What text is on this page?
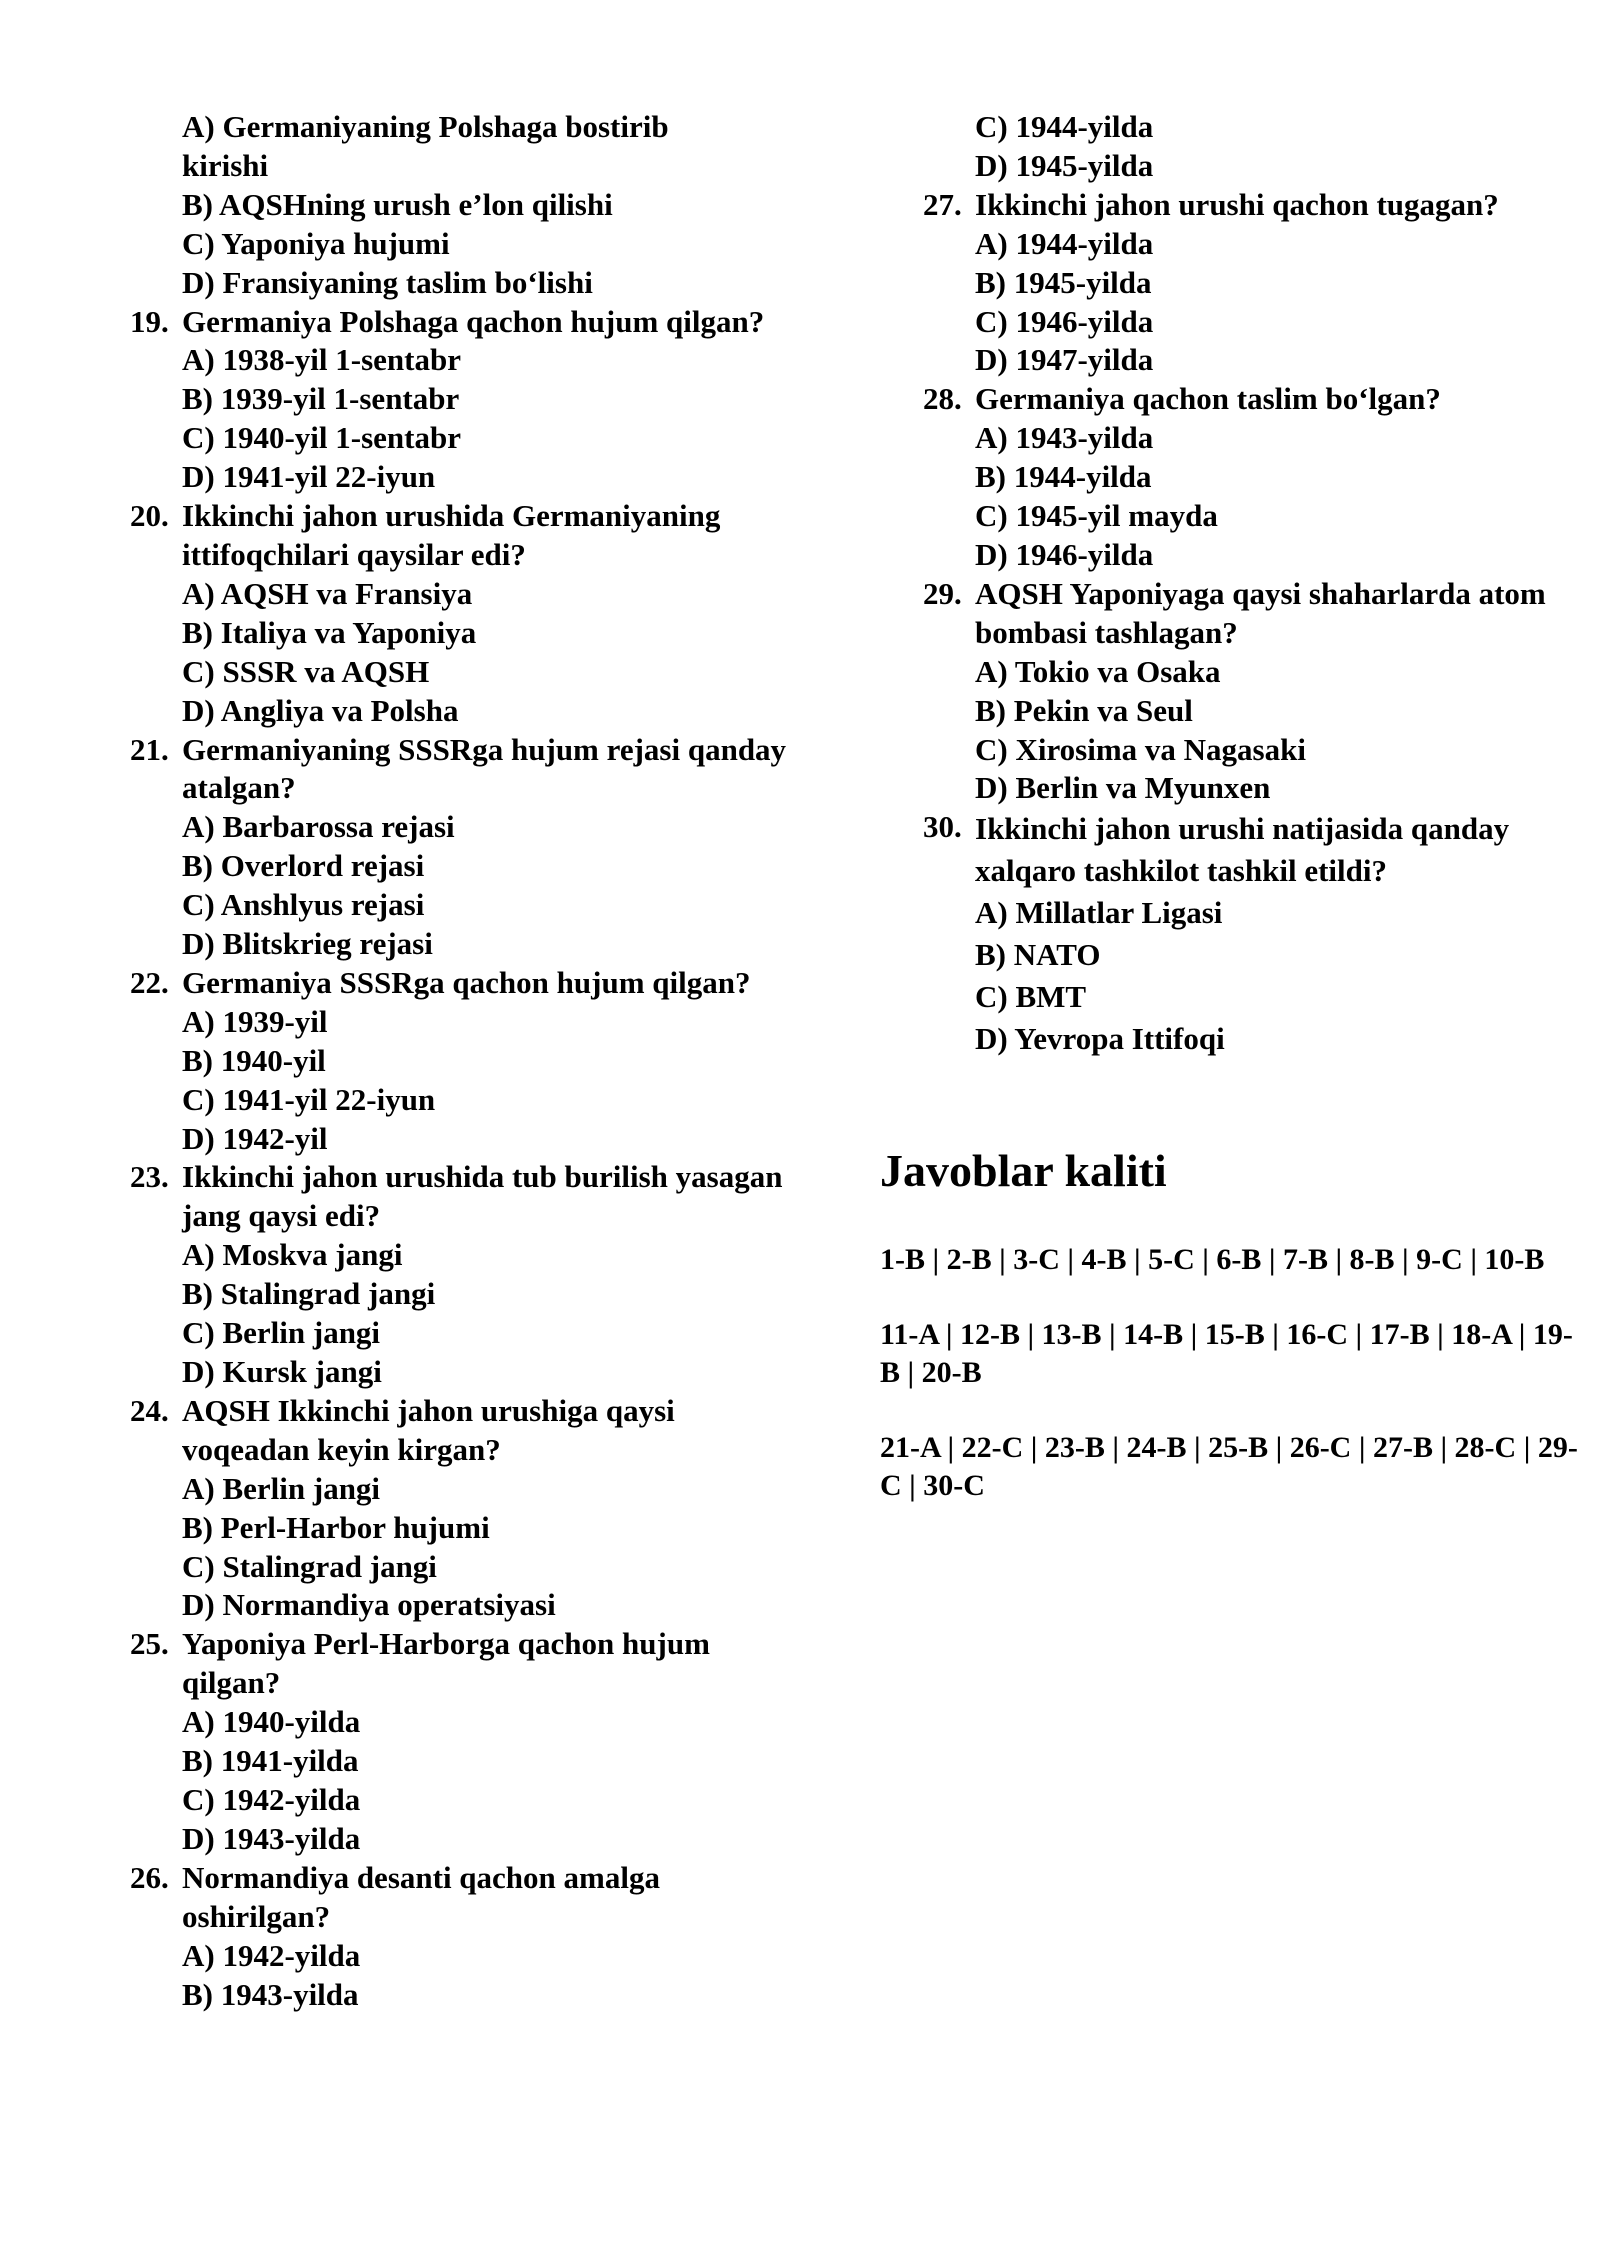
A) Germaniyaning Polshaga bostirib kirishi
B) AQSHning urush e’lon qilishi
C) Yaponiya hujumi
D) Fransiyaning taslim bo‘lishi
19. Germaniya Polshaga qachon hujum qilgan?
A) 1938-yil 1-sentabr
B) 1939-yil 1-sentabr
C) 1940-yil 1-sentabr
D) 1941-yil 22-iyun
20. Ikkinchi jahon urushida Germaniyaning ittifoqchilari qaysilar edi?
A) AQSH va Fransiya
B) Italiya va Yaponiya
C) SSSR va AQSH
D) Angliya va Polsha
21. Germaniyaning SSSRga hujum rejasi qanday atalgan?
A) Barbarossa rejasi
B) Overlord rejasi
C) Anshlyus rejasi
D) Blitskrieg rejasi
22. Germaniya SSSRga qachon hujum qilgan?
A) 1939-yil
B) 1940-yil
C) 1941-yil 22-iyun
D) 1942-yil
23. Ikkinchi jahon urushida tub burilish yasagan jang qaysi edi?
A) Moskva jangi
B) Stalingrad jangi
C) Berlin jangi
D) Kursk jangi
24. AQSH Ikkinchi jahon urushiga qaysi voqeadan keyin kirgan?
A) Berlin jangi
B) Perl-Harbor hujumi
C) Stalingrad jangi
D) Normandiya operatsiyasi
25. Yaponiya Perl-Harborga qachon hujum qilgan?
A) 1940-yilda
B) 1941-yilda
C) 1942-yilda
D) 1943-yilda
26. Normandiya desanti qachon amalga oshirilgan?
A) 1942-yilda
B) 1943-yilda
C) 1944-yilda
D) 1945-yilda
27. Ikkinchi jahon urushi qachon tugagan?
A) 1944-yilda
B) 1945-yilda
C) 1946-yilda
D) 1947-yilda
28. Germaniya qachon taslim bo‘lgan?
A) 1943-yilda
B) 1944-yilda
C) 1945-yil mayda
D) 1946-yilda
29. AQSH Yaponiyaga qaysi shaharlarda atom bombasi tashlagan?
A) Tokio va Osaka
B) Pekin va Seul
C) Xirosima va Nagasaki
D) Berlin va Myunxen
30. Ikkinchi jahon urushi natijasida qanday xalqaro tashkilot tashkil etildi?
A) Millatlar Ligasi
B) NATO
C) BMT
D) Yevropa Ittifoqi
Javoblar kaliti

1-B | 2-B | 3-C | 4-B | 5-C | 6-B | 7-B | 8-B | 9-C | 10-B

11-A | 12-B | 13-B | 14-B | 15-B | 16-C | 17-B | 18-A | 19-B | 20-B

21-A | 22-C | 23-B | 24-B | 25-B | 26-C | 27-B | 28-C | 29-C | 30-C
